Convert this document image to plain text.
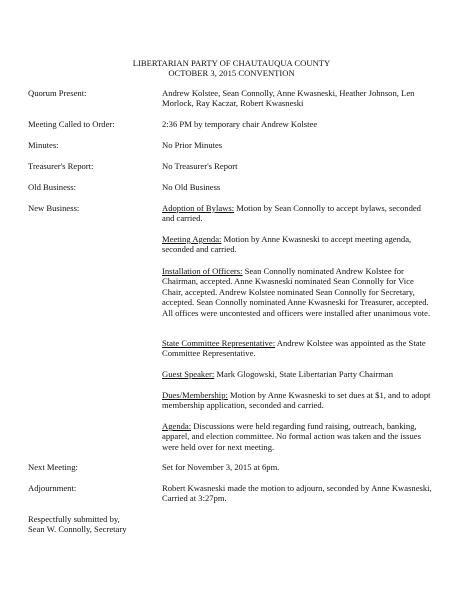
LIBERTARIAN PARTY OF CHAUTAUQUA COUNTY
OCTOBER 3, 2015 CONVENTION
Quorum Present:	Andrew Kolstee, Sean Connolly, Anne Kwasneski, Heather Johnson, Len Morlock, Ray Kaczar, Robert Kwasneski
Meeting Called to Order:	2:36 PM by temporary chair Andrew Kolstee
Minutes:	No Prior Minutes
Treasurer's Report:	No Treasurer's Report
Old Business:	No Old Business
New Business:	Adoption of Bylaws: Motion by Sean Connolly to accept bylaws, seconded and carried.
Meeting Agenda: Motion by Anne Kwasneski to accept meeting agenda, seconded and carried.
Installation of Officers: Sean Connolly nominated Andrew Kolstee for Chairman, accepted. Anne Kwasneski nominated Sean Connolly for Vice Chair, accepted. Andrew Kolstee nominated Sean Connolly for Secretary, accepted. Sean Connolly nominated Anne Kwasneski for Treasurer, accepted. All offices were uncontested and officers were installed after unanimous vote.
State Committee Representative: Andrew Kolstee was appointed as the State Committee Representative.
Guest Speaker: Mark Glogowski, State Libertarian Party Chairman
Dues/Membership: Motion by Anne Kwasneski to set dues at $1, and to adopt membership application, seconded and carried.
Agenda: Discussions were held regarding fund raising, outreach, banking, apparel, and election committee. No formal action was taken and the issues were held over for next meeting.
Next Meeting:	Set for November 3, 2015 at 6pm.
Adjournment:	Robert Kwasneski made the motion to adjourn, seconded by Anne Kwasneski, Carried at 3:27pm.
Respectfully submitted by,
Sean W. Connolly, Secretary
